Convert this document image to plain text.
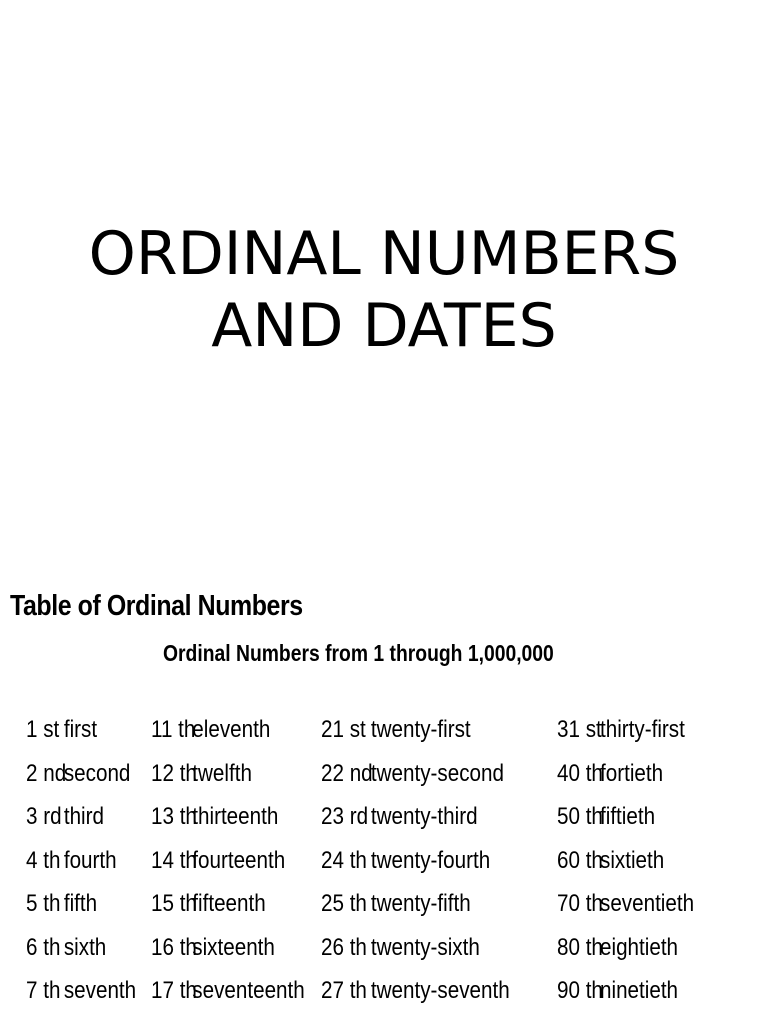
ORDINAL NUMBERS
AND DATES
Table of Ordinal Numbers
Ordinal Numbers from 1 through 1,000,000
1 st first
2 ndsecond
3 rdthird
4 th fourth
5 th fifth
6 th sixth
7 th seventh
11 theleventh
12 thtwelfth
13 ththirteenth
14 thfourteenth
15 thfifteenth
16 thsixteenth
17 thseventeenth
21 st twenty-first
22 ndtwenty-second
23 rd twenty-third
24 th twenty-fourth
25 th twenty-fifth
26 th twenty-sixth
27 th twenty-seventh
31 stthirty-first
40 thfortieth
50 thfiftieth
60 thsixtieth
70 thseventieth
80 theightieth
90 thninetieth
